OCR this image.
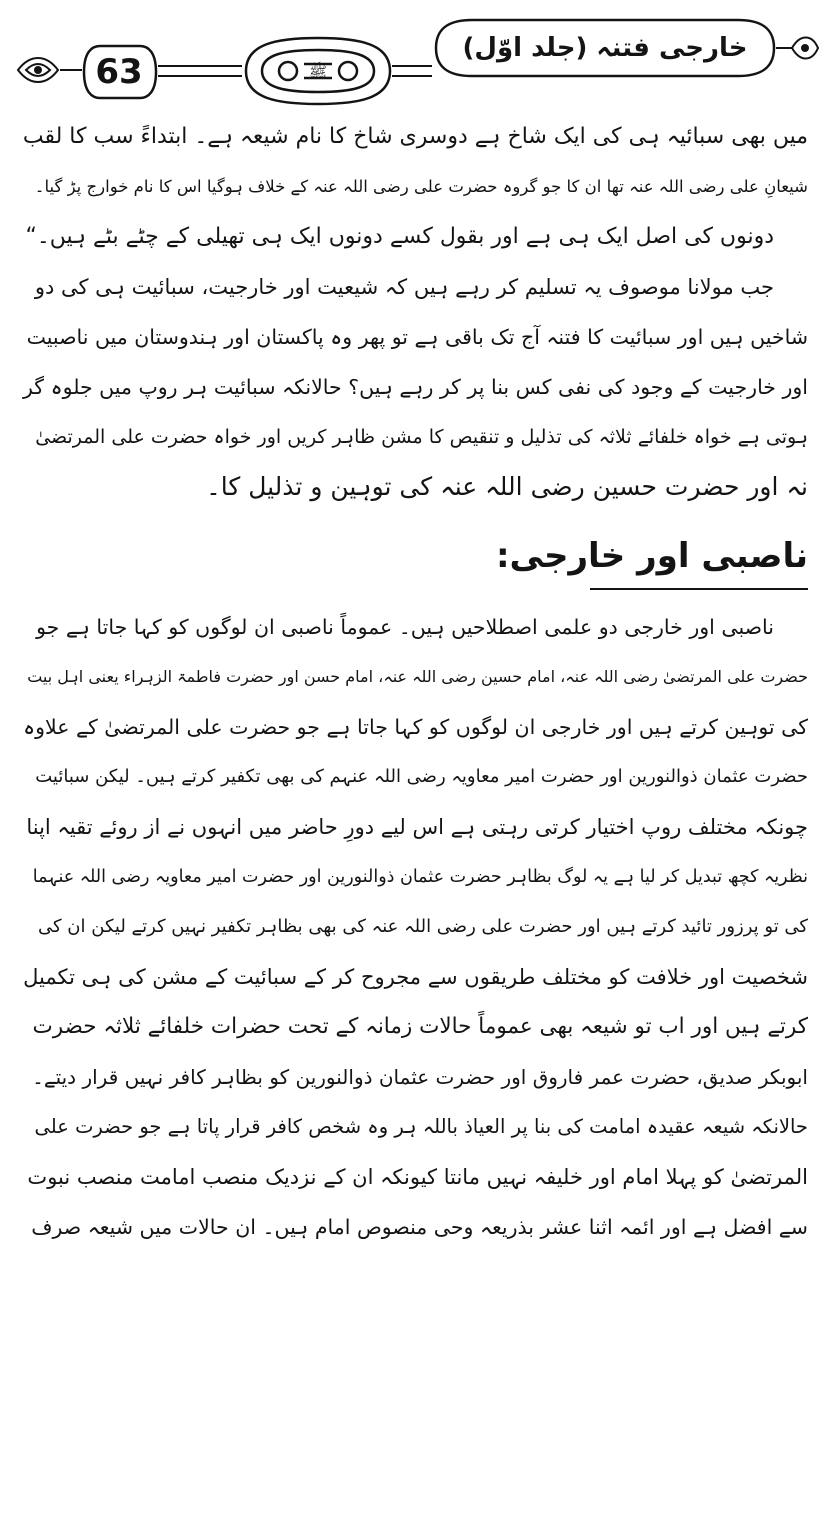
ﷺ
63
خارجی فتنہ (جلد اوّل)
میں بھی سبائیہ ہی کی ایک شاخ ہے دوسری شاخ کا نام شیعہ ہے۔ ابتداءً سب کا لقب
شیعانِ علی رضی اللہ عنہ تھا ان کا جو گروہ حضرت علی رضی اللہ عنہ کے خلاف ہوگیا اس کا نام خوارج پڑ گیا۔
دونوں کی اصل ایک ہی ہے اور بقول کسے دونوں ایک ہی تھیلی کے چٹے بٹے ہیں۔“
جب مولانا موصوف یہ تسلیم کر رہے ہیں کہ شیعیت اور خارجیت، سبائیت ہی کی دو
شاخیں ہیں اور سبائیت کا فتنہ آج تک باقی ہے تو پھر وہ پاکستان اور ہندوستان میں ناصبیت
اور خارجیت کے وجود کی نفی کس بنا پر کر رہے ہیں؟ حالانکہ سبائیت ہر روپ میں جلوہ گر
ہوتی ہے خواہ خلفائے ثلاثہ کی تذلیل و تنقیص کا مشن ظاہر کریں اور خواہ حضرت علی المرتضیٰ
نہ اور حضرت حسین رضی اللہ عنہ کی توہین و تذلیل کا۔
ناصبی اور خارجی:
ناصبی اور خارجی دو علمی اصطلاحیں ہیں۔ عموماً ناصبی ان لوگوں کو کہا جاتا ہے جو
حضرت علی المرتضیٰ رضی اللہ عنہ، امام حسین رضی اللہ عنہ، امام حسن اور حضرت فاطمۃ الزہراء یعنی اہل بیت
کی توہین کرتے ہیں اور خارجی ان لوگوں کو کہا جاتا ہے جو حضرت علی المرتضیٰ کے علاوہ
حضرت عثمان ذوالنورین اور حضرت امیر معاویہ رضی اللہ عنہم کی بھی تکفیر کرتے ہیں۔ لیکن سبائیت
چونکہ مختلف روپ اختیار کرتی رہتی ہے اس لیے دورِ حاضر میں انہوں نے از روئے تقیہ اپنا
نظریہ کچھ تبدیل کر لیا ہے یہ لوگ بظاہر حضرت عثمان ذوالنورین اور حضرت امیر معاویہ رضی اللہ عنہما
کی تو پرزور تائید کرتے ہیں اور حضرت علی رضی اللہ عنہ کی بھی بظاہر تکفیر نہیں کرتے لیکن ان کی
شخصیت اور خلافت کو مختلف طریقوں سے مجروح کر کے سبائیت کے مشن کی ہی تکمیل
کرتے ہیں اور اب تو شیعہ بھی عموماً حالات زمانہ کے تحت حضرات خلفائے ثلاثہ حضرت
ابوبکر صدیق، حضرت عمر فاروق اور حضرت عثمان ذوالنورین کو بظاہر کافر نہیں قرار دیتے۔
حالانکہ شیعہ عقیدہ امامت کی بنا پر العیاذ باللہ ہر وہ شخص کافر قرار پاتا ہے جو حضرت علی
المرتضیٰ کو پہلا امام اور خلیفہ نہیں مانتا کیونکہ ان کے نزدیک منصب امامت منصب نبوت
سے افضل ہے اور ائمہ اثنا عشر بذریعہ وحی منصوص امام ہیں۔ ان حالات میں شیعہ صرف
